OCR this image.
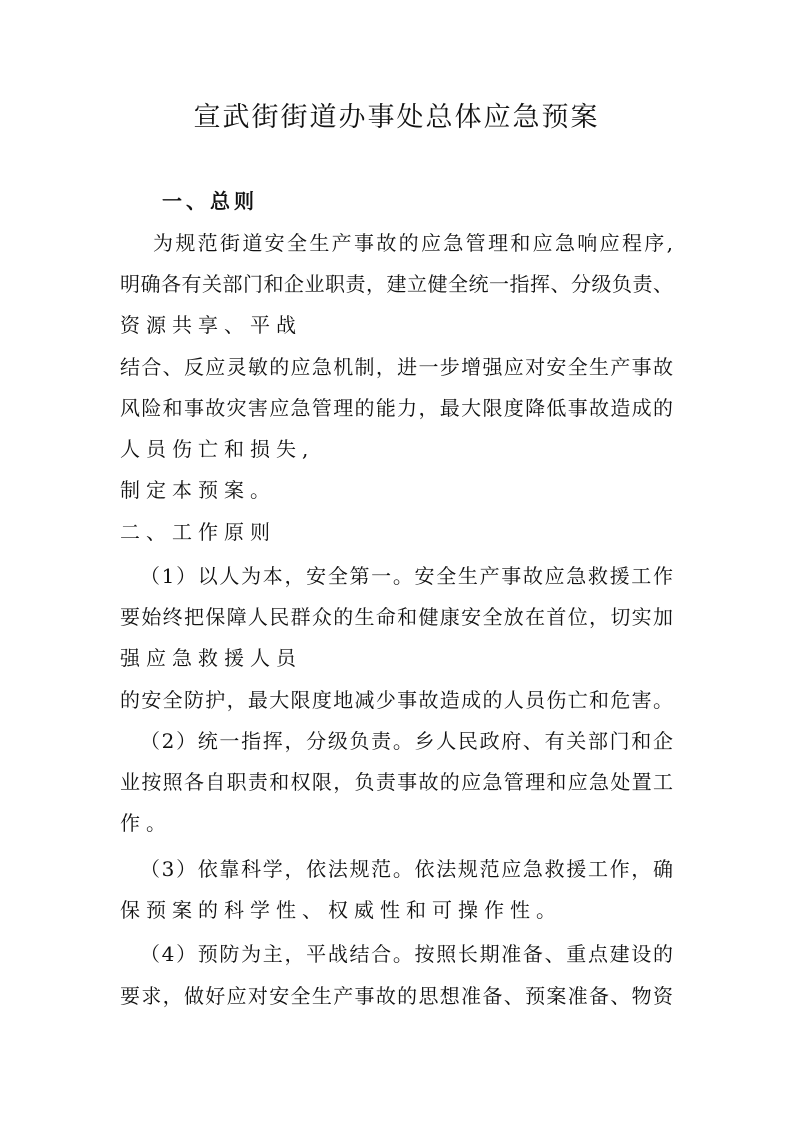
宣武街街道办事处总体应急预案
一、总则
为规范街道安全生产事故的应急管理和应急响应程序,
明确各有关部门和企业职责，建立健全统一指挥、分级负责、
资源共享、平战
结合、反应灵敏的应急机制，进一步增强应对安全生产事故
风险和事故灾害应急管理的能力，最大限度降低事故造成的
人员伤亡和损失,
制定本预案。
二、工作原则
（1）以人为本，安全第一。安全生产事故应急救援工作
要始终把保障人民群众的生命和健康安全放在首位，切实加
强应急救援人员
的安全防护，最大限度地减少事故造成的人员伤亡和危害。
（2）统一指挥，分级负责。乡人民政府、有关部门和企
业按照各自职责和权限，负责事故的应急管理和应急处置工
作。
（3）依靠科学，依法规范。依法规范应急救援工作，确
保预案的科学性、权威性和可操作性。
（4）预防为主，平战结合。按照长期准备、重点建设的
要求，做好应对安全生产事故的思想准备、预案准备、物资
